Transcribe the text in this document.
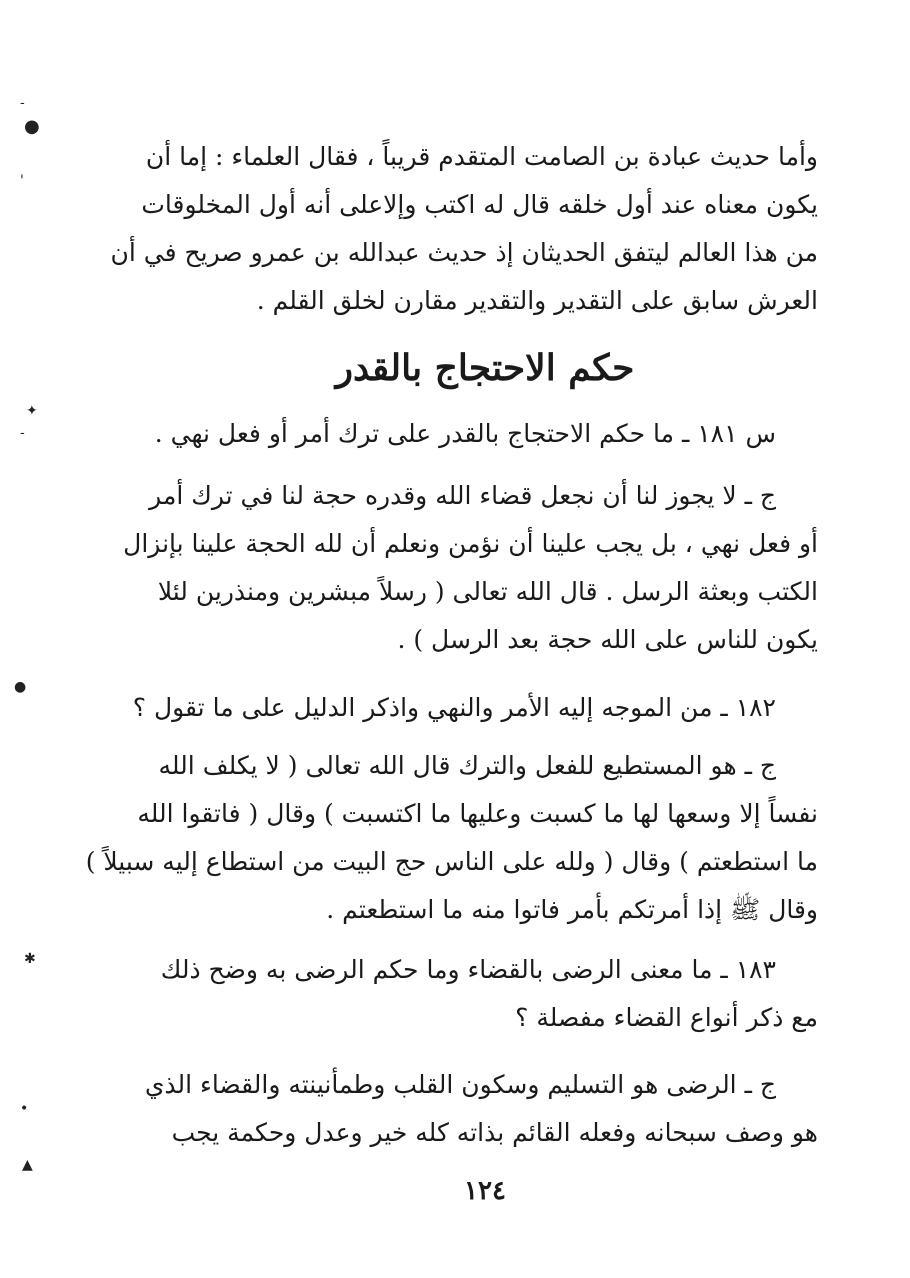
-
●
'
✦
-
●
✱
•
▲
وأما حديث عبادة بن الصامت المتقدم قريباً ، فقال العلماء : إما أن
يكون معناه عند أول خلقه قال له اكتب وإلاعلى أنه أول المخلوقات
من هذا العالم ليتفق الحديثان إذ حديث عبدالله بن عمرو صريح في أن
العرش سابق على التقدير والتقدير مقارن لخلق القلم .
حكم الاحتجاج بالقدر
س ١٨١ ـ ما حكم الاحتجاج بالقدر على ترك أمر أو فعل نهي .
ج ـ لا يجوز لنا أن نجعل قضاء الله وقدره حجة لنا في ترك أمر
أو فعل نهي ، بل يجب علينا أن نؤمن ونعلم أن لله الحجة علينا بإنزال
الكتب وبعثة الرسل . قال الله تعالى ( رسلاً مبشرين ومنذرين لئلا
يكون للناس على الله حجة بعد الرسل ) .
١٨٢ ـ من الموجه إليه الأمر والنهي واذكر الدليل على ما تقول ؟
ج ـ هو المستطيع للفعل والترك قال الله تعالى ( لا يكلف الله
نفساً إلا وسعها لها ما كسبت وعليها ما اكتسبت ) وقال ( فاتقوا الله
ما استطعتم ) وقال ( ولله على الناس حج البيت من استطاع إليه سبيلاً )
وقال ﷺ إذا أمرتكم بأمر فاتوا منه ما استطعتم .
١٨٣ ـ ما معنى الرضى بالقضاء وما حكم الرضى به وضح ذلك
مع ذكر أنواع القضاء مفصلة ؟
ج ـ الرضى هو التسليم وسكون القلب وطمأنينته والقضاء الذي
هو وصف سبحانه وفعله القائم بذاته كله خير وعدل وحكمة يجب
١٢٤
